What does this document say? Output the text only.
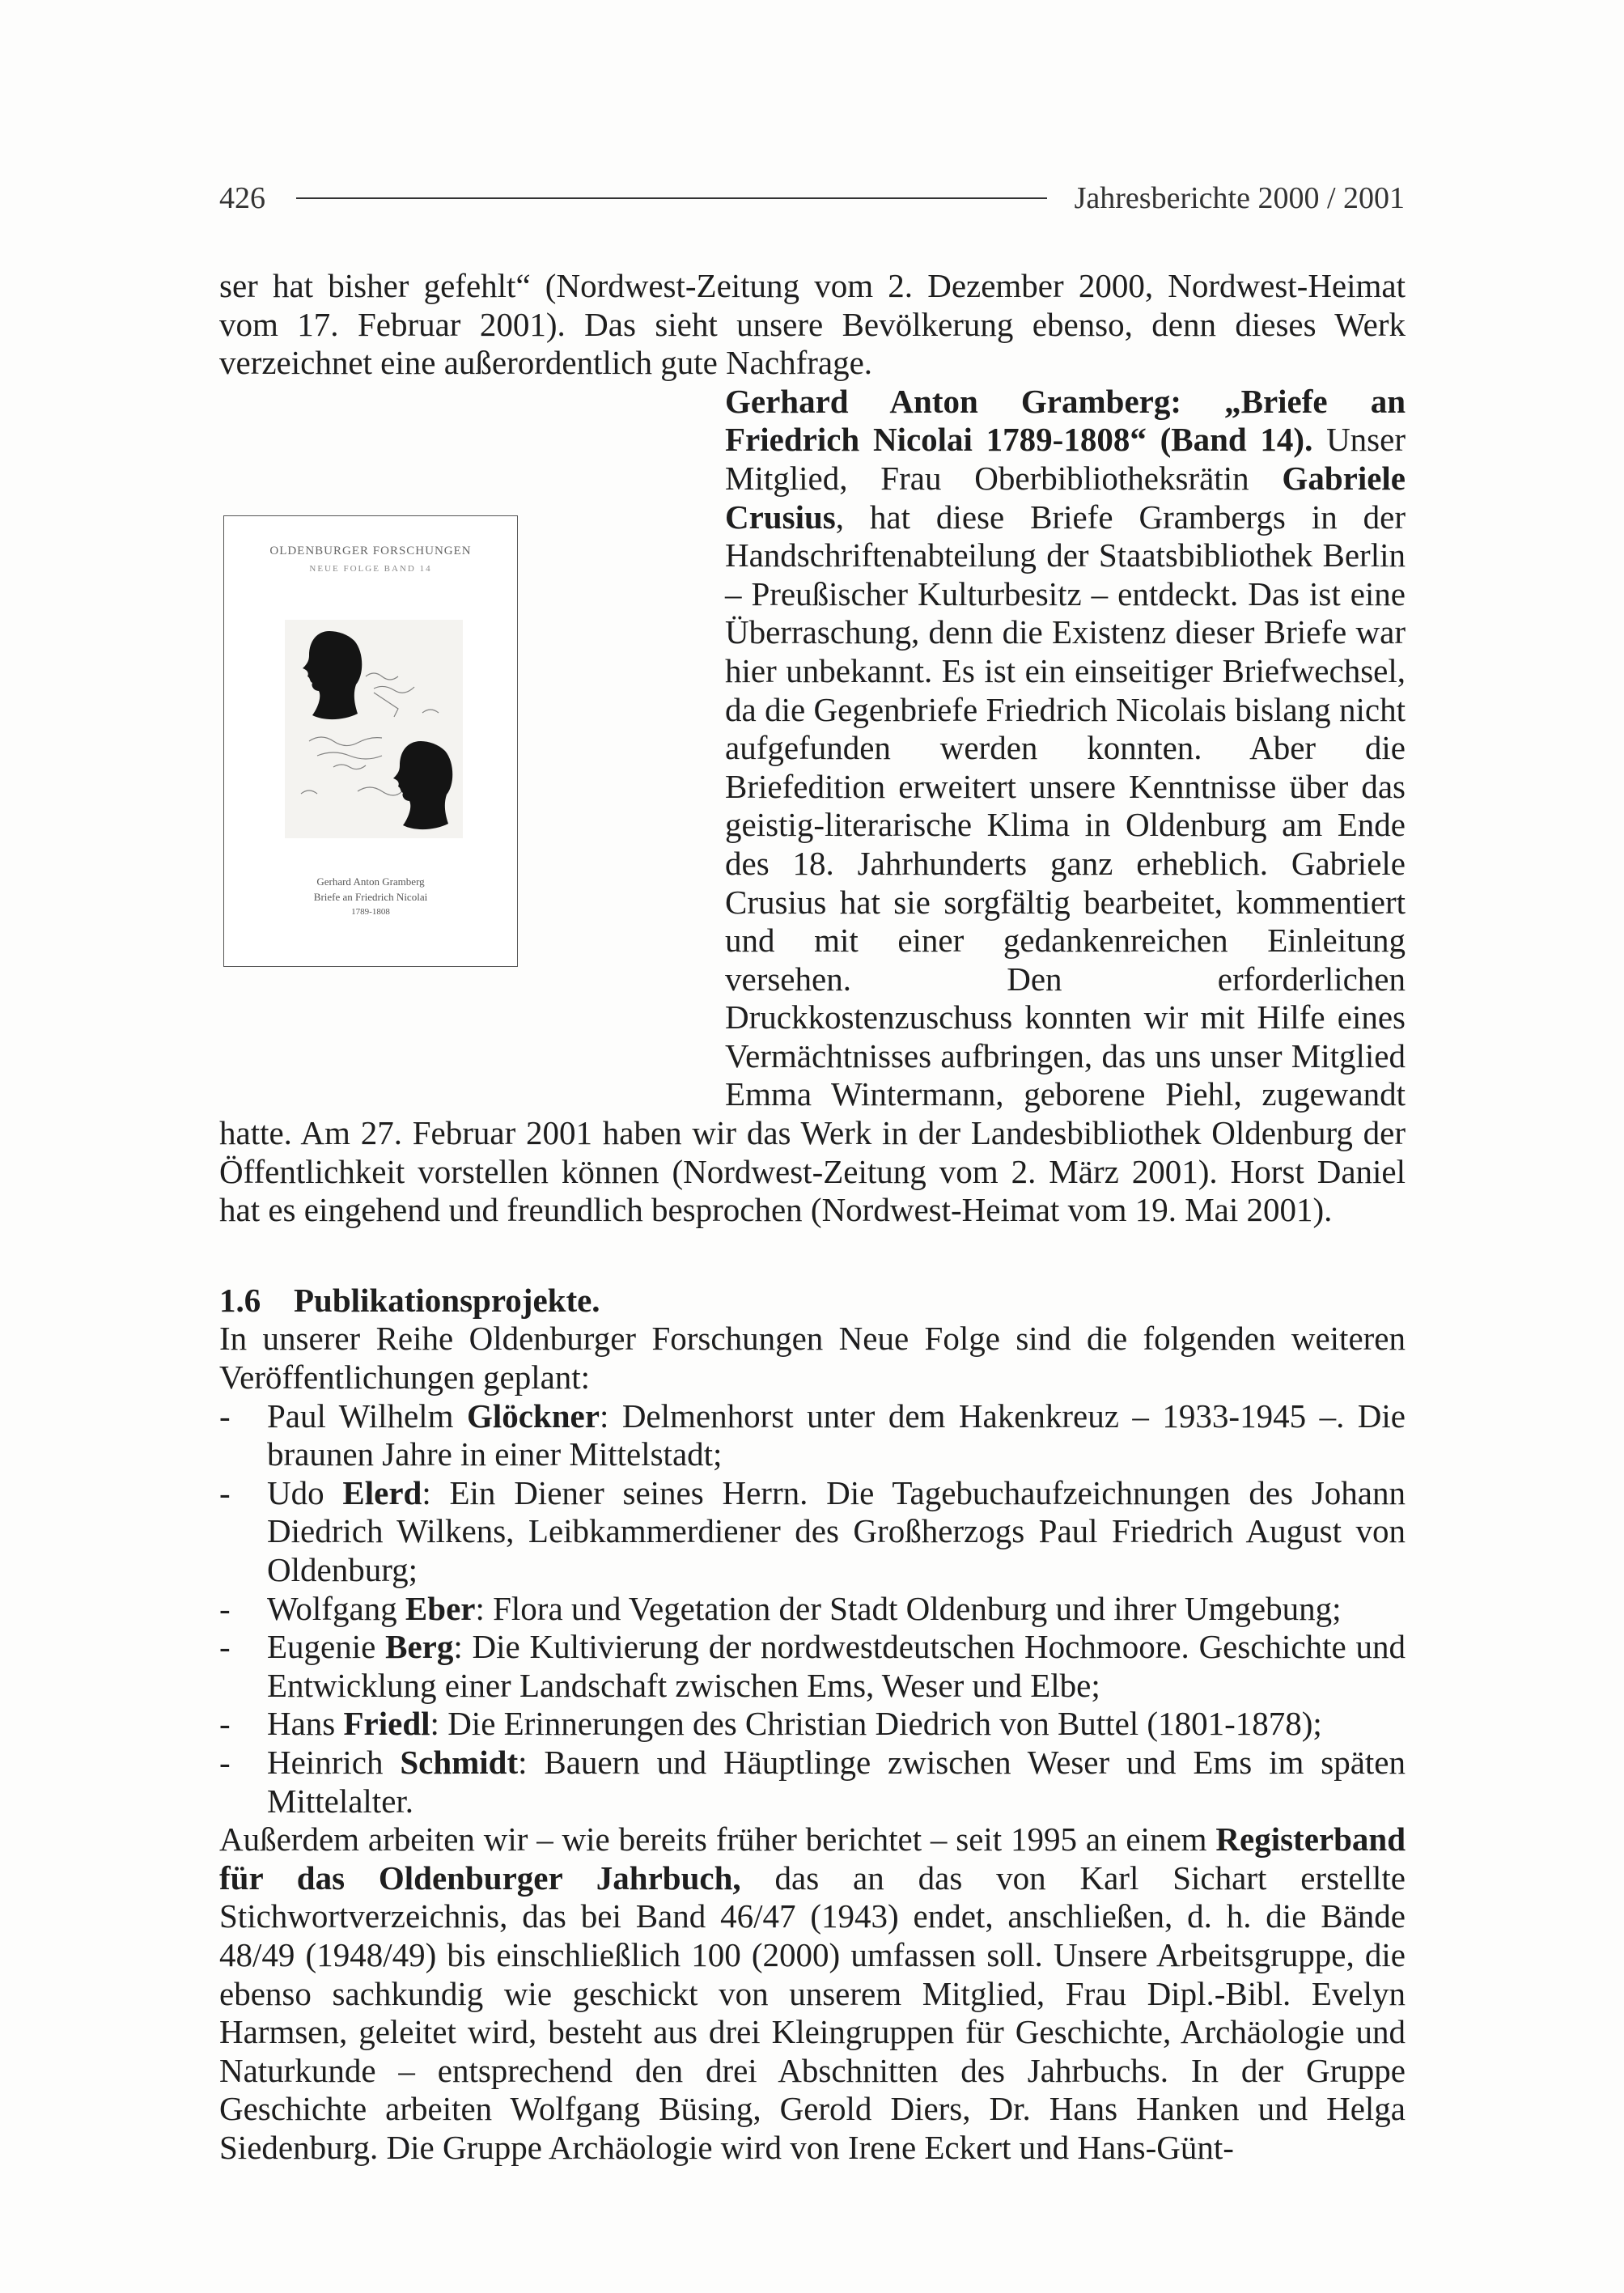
426	Jahresberichte 2000 / 2001

ser hat bisher gefehlt“ (Nordwest-Zeitung vom 2. Dezember 2000, Nordwest-Heimat vom 17. Februar 2001). Das sieht unsere Bevölkerung ebenso, denn dieses Werk verzeichnet eine außerordentlich gute Nachfrage.

OLDENBURGER FORSCHUNGEN
NEUE FOLGE BAND 14
Gerhard Anton Gramberg
Briefe an Friedrich Nicolai
1789-1808

Gerhard Anton Gramberg: „Briefe an Friedrich Nicolai 1789-1808“ (Band 14). Unser Mitglied, Frau Oberbibliotheksrätin Gabriele Crusius, hat diese Briefe Grambergs in der Handschriftenabteilung der Staatsbibliothek Berlin – Preußischer Kulturbesitz – entdeckt. Das ist eine Überraschung, denn die Existenz dieser Briefe war hier unbekannt. Es ist ein einseitiger Briefwechsel, da die Gegenbriefe Friedrich Nicolais bislang nicht aufgefunden werden konnten. Aber die Briefedition erweitert unsere Kenntnisse über das geistig-literarische Klima in Oldenburg am Ende des 18. Jahrhunderts ganz erheblich. Gabriele Crusius hat sie sorgfältig bearbeitet, kommentiert und mit einer gedankenreichen Einleitung versehen. Den erforderlichen Druckkostenzuschuss konnten wir mit Hilfe eines Vermächtnisses aufbringen, das uns unser Mitglied Emma Wintermann, geborene Piehl, zugewandt hatte. Am 27. Februar 2001 haben wir das Werk in der Landesbibliothek Oldenburg der Öffentlichkeit vorstellen können (Nordwest-Zeitung vom 2. März 2001). Horst Daniel hat es eingehend und freundlich besprochen (Nordwest-Heimat vom 19. Mai 2001).

1.6 Publikationsprojekte.

In unserer Reihe Oldenburger Forschungen Neue Folge sind die folgenden weiteren Veröffentlichungen geplant:

- Paul Wilhelm Glöckner: Delmenhorst unter dem Hakenkreuz – 1933-1945 –. Die braunen Jahre in einer Mittelstadt;
- Udo Elerd: Ein Diener seines Herrn. Die Tagebuchaufzeichnungen des Johann Diedrich Wilkens, Leibkammerdiener des Großherzogs Paul Friedrich August von Oldenburg;
- Wolfgang Eber: Flora und Vegetation der Stadt Oldenburg und ihrer Umgebung;
- Eugenie Berg: Die Kultivierung der nordwestdeutschen Hochmoore. Geschichte und Entwicklung einer Landschaft zwischen Ems, Weser und Elbe;
- Hans Friedl: Die Erinnerungen des Christian Diedrich von Buttel (1801-1878);
- Heinrich Schmidt: Bauern und Häuptlinge zwischen Weser und Ems im späten Mittelalter.

Außerdem arbeiten wir – wie bereits früher berichtet – seit 1995 an einem Registerband für das Oldenburger Jahrbuch, das an das von Karl Sichart erstellte Stichwortverzeichnis, das bei Band 46/47 (1943) endet, anschließen, d. h. die Bände 48/49 (1948/49) bis einschließlich 100 (2000) umfassen soll. Unsere Arbeitsgruppe, die ebenso sachkundig wie geschickt von unserem Mitglied, Frau Dipl.-Bibl. Evelyn Harmsen, geleitet wird, besteht aus drei Kleingruppen für Geschichte, Archäologie und Naturkunde – entsprechend den drei Abschnitten des Jahrbuchs. In der Gruppe Geschichte arbeiten Wolfgang Büsing, Gerold Diers, Dr. Hans Hanken und Helga Siedenburg. Die Gruppe Archäologie wird von Irene Eckert und Hans-Günt-
